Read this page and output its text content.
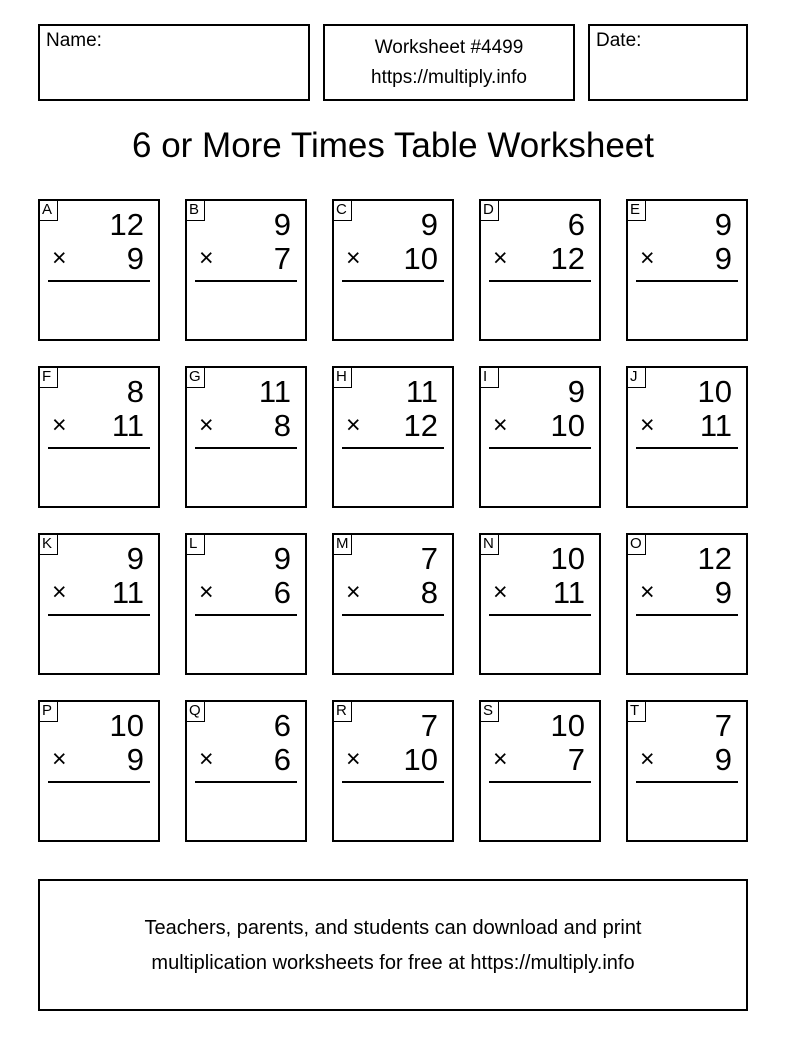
Name:	Worksheet #4499
https://multiply.info
Date:
6 or More Times Table Worksheet
A 12
× 9
B 9
× 7
C 9
× 10
D 6
× 12
E 9
× 9
F 8
× 11
G 11
× 8
H 11
× 12
I	9
× 10
J 10
× 11
K 9
× 11
L 9
× 6
M 7
× 8
N 10
× 11
O 12
× 9
P 10
× 9
Q 6
× 6
R 7
× 10
S 10
× 7
T 7
× 9
Teachers, parents, and students can download and print
multiplication worksheets for free at https://multiply.info
